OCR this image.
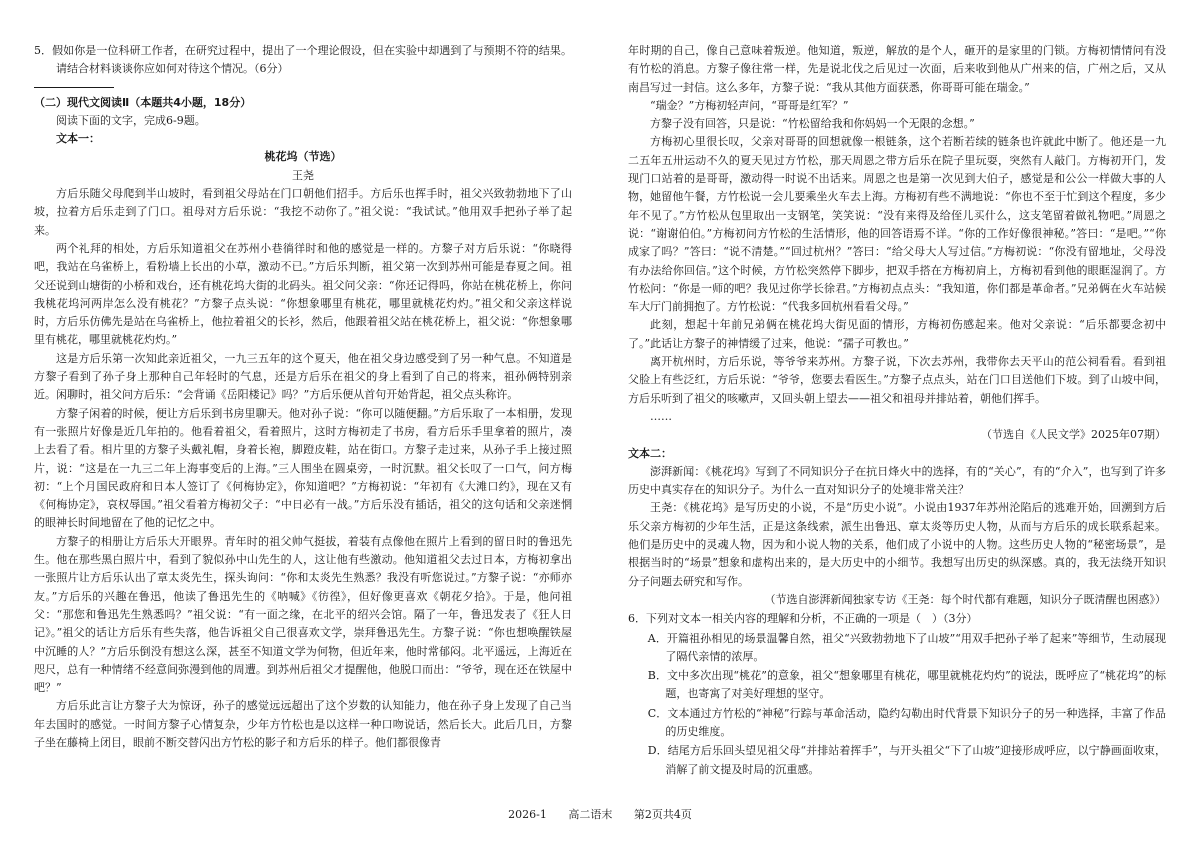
5．假如你是一位科研工作者，在研究过程中，提出了一个理论假设，但在实验中却遇到了与预期不符的结果。请结合材料谈谈你应如何对待这个情况。（6分）

（二）现代文阅读Ⅱ（本题共4小题，18分）

阅读下面的文字，完成6-9题。

文本一：

桃花坞（节选）

王尧

方后乐随父母爬到半山坡时，看到祖父母站在门口朝他们招手。方后乐也挥手时，祖父兴致勃勃地下了山坡，拉着方后乐走到了门口。祖母对方后乐说：“我挖不动你了。”祖父说：“我试试。”他用双手把孙子举了起来。

两个礼拜的相处，方后乐知道祖父在苏州小巷徜徉时和他的感觉是一样的。方黎子对方后乐说：“你晓得吧，我站在乌雀桥上，看粉墙上长出的小草，激动不已。”方后乐判断，祖父第一次到苏州可能是春夏之间。祖父还说到山塘街的小桥和戏台，还有桃花坞大街的北码头。祖父问父亲：“你还记得吗，你站在桃花桥上，你问我桃花坞河两岸怎么没有桃花？”方黎子点头说：“你想象哪里有桃花，哪里就桃花灼灼。”祖父和父亲这样说时，方后乐仿佛先是站在乌雀桥上，他拉着祖父的长衫，然后，他跟着祖父站在桃花桥上，祖父说：“你想象哪里有桃花，哪里就桃花灼灼。”

这是方后乐第一次知此亲近祖父，一九三五年的这个夏天，他在祖父身边感受到了另一种气息。不知道是方黎子看到了孙子身上那种自己年轻时的气息，还是方后乐在祖父的身上看到了自己的将来，祖孙俩特别亲近。闲聊时，祖父问方后乐：“会背诵《岳阳楼记》吗？”方后乐便从首句开始背起，祖父点头称许。

方黎子闲着的时候，便让方后乐到书房里聊天。他对孙子说：“你可以随便翻。”方后乐取了一本相册，发现有一张照片好像是近几年拍的。他看着祖父，看着照片，这时方梅初走了书房，看方后乐手里拿着的照片，凑上去看了看。相片里的方黎子头戴礼帽，身着长袍，脚蹬皮鞋，站在街口。方黎子走过来，从孙子手上接过照片，说：“这是在一九三二年上海事变后的上海。”三人围坐在圆桌旁，一时沉默。祖父长叹了一口气，问方梅初：“上个月国民政府和日本人签订了《何梅协定》，你知道吧？”方梅初说：“年初有《大滩口约》，现在又有《何梅协定》，哀权辱国。”祖父看着方梅初父子：“中日必有一战。”方后乐没有插话，祖父的这句话和父亲迷惘的眼神长时间地留在了他的记忆之中。

方黎子的相册让方后乐大开眼界。青年时的祖父帅气挺拔，着装有点像他在照片上看到的留日时的鲁迅先生。他在那些黑白照片中，看到了貌似孙中山先生的人，这让他有些激动。他知道祖父去过日本，方梅初拿出一张照片让方后乐认出了章太炎先生，探头询问：“你和太炎先生熟悉？我没有听您说过。”方黎子说：“亦师亦友。”方后乐的兴趣在鲁迅，他读了鲁迅先生的《呐喊》《彷徨》，但好像更喜欢《朝花夕拾》。于是，他问祖父：“那您和鲁迅先生熟悉吗？”祖父说：“有一面之缘，在北平的绍兴会馆。隔了一年，鲁迅发表了《狂人日记》。”祖父的话让方后乐有些失落，他告诉祖父自己很喜欢文学，崇拜鲁迅先生。方黎子说：“你也想唤醒铁屋中沉睡的人？”方后乐倒没有想这么深，甚至不知道文学为何物，但近年来，他时常郁闷。北平遥远，上海近在咫尺，总有一种情绪不经意间弥漫到他的周遭。到苏州后祖父才提醒他，他脱口而出：“爷爷，现在还在铁屋中吧？”

方后乐此言让方黎子大为惊讶，孙子的感觉远远超出了这个岁数的认知能力，他在孙子身上发现了自己当年去国时的感觉。一时间方黎子心情复杂，少年方竹松也是以这样一种口吻说话，然后长大。此后几日，方黎子坐在藤椅上闭目，眼前不断交替闪出方竹松的影子和方后乐的样子。他们都很像青

年时期的自己，像自己意味着叛逆。他知道，叛逆，解放的是个人，砸开的是家里的门锁。方梅初情情问有没有竹松的消息。方黎子像往常一样，先是说北伐之后见过一次面，后来收到他从广州来的信，广州之后，又从南昌写过一封信。这么多年，方黎子说：“我从其他方面获悉，你哥哥可能在瑞金。”

“瑞金？”方梅初轻声问，“哥哥是红军？”

方黎子没有回答，只是说：“竹松留给我和你妈妈一个无限的念想。”

方梅初心里很长叹，父亲对哥哥的回想就像一根链条，这个若断若续的链条也许就此中断了。他还是一九二五年五卅运动不久的夏天见过方竹松，那天周恩之带方后乐在院子里玩耍，突然有人敲门。方梅初开门，发现门口站着的是哥哥，激动得一时说不出话来。周恩之也是第一次见到大伯子，感觉是和公公一样做大事的人物，她留他午餐，方竹松说一会儿要乘坐火车去上海。方梅初有些不满地说：“你也不至于忙到这个程度，多少年不见了。”方竹松从包里取出一支钢笔，笑笑说：“没有来得及给侄儿买什么，这支笔留着做礼物吧。”周恩之说：“谢谢伯伯。”方梅初问方竹松的生活情形，他的回答语焉不详。“你的工作好像很神秘。”答曰：“是吧。”“你成家了吗？”答曰：“说不清楚。”“回过杭州？”答曰：“给父母大人写过信。”方梅初说：“你没有留地址，父母没有办法给你回信。”这个时候，方竹松突然停下脚步，把双手搭在方梅初肩上，方梅初看到他的眼眶湿润了。方竹松问：“你是一师的吧？我见过你学长徐君。”方梅初点点头：“我知道，你们都是革命者。”兄弟俩在火车站候车大厅门前拥抱了。方竹松说：“代我多回杭州看看父母。”

此刻，想起十年前兄弟俩在桃花坞大街见面的情形，方梅初伤感起来。他对父亲说：“后乐都要念初中了。”此话让方黎子的神情缓了过来，他说：“孺子可教也。”

离开杭州时，方后乐说，等爷爷来苏州。方黎子说，下次去苏州，我带你去天平山的范公祠看看。看到祖父脸上有些泛红，方后乐说：“爷爷，您要去看医生。”方黎子点点头，站在门口目送他们下坡。到了山坡中间，方后乐听到了祖父的咳嗽声，又回头朝上望去——祖父和祖母并排站着，朝他们挥手。

……

（节选自《人民文学》2025年07期）

文本二：

澎湃新闻：《桃花坞》写到了不同知识分子在抗日烽火中的选择，有的“关心”，有的“介入”，也写到了许多历史中真实存在的知识分子。为什么一直对知识分子的处境非常关注？

王尧：《桃花坞》是写历史的小说，不是“历史小说”。小说由1937年苏州沦陷后的逃难开始，回溯到方后乐父亲方梅初的少年生活，正是这条线索，派生出鲁迅、章太炎等历史人物，从而与方后乐的成长联系起来。他们是历史中的灵魂人物，因为和小说人物的关系，他们成了小说中的人物。这些历史人物的“秘密场景”，是根据当时的“场景”想象和虚构出来的，是大历史中的小细节。我想写出历史的纵深感。真的，我无法绕开知识分子问题去研究和写作。

（节选自澎湃新闻独家专访《王尧：每个时代都有难题，知识分子既清醒也困惑》）

6．下列对文本一相关内容的理解和分析，不正确的一项是（　）（3分）

A．开篇祖孙相见的场景温馨自然，祖父“兴致勃勃地下了山坡”“用双手把孙子举了起来”等细节，生动展现了隔代亲情的浓厚。

B．文中多次出现“桃花”的意象，祖父“想象哪里有桃花，哪里就桃花灼灼”的说法，既呼应了“桃花坞”的标题，也寄寓了对美好理想的坚守。

C．文本通过方竹松的“神秘”行踪与革命活动，隐约勾勒出时代背景下知识分子的另一种选择，丰富了作品的历史维度。

D．结尾方后乐回头望见祖父母“并排站着挥手”，与开头祖父“下了山坡”迎接形成呼应，以宁静画面收束，消解了前文提及时局的沉重感。

2026-1 高二语末 第2页共4页
